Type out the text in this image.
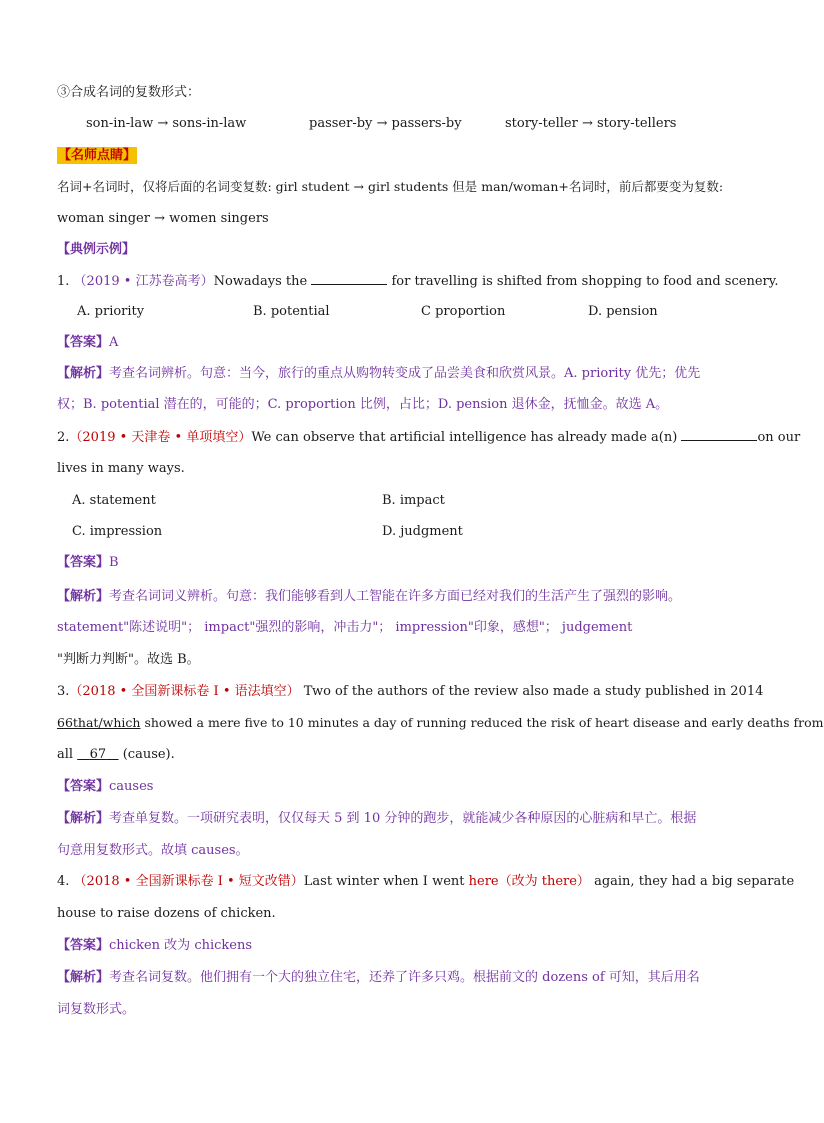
③合成名词的复数形式：
son-in-law → sons-in-law	passer-by → passers-by	story-teller → story-tellers
【名师点睛】
名词+名词时，仅将后面的名词变复数: girl student → girl students 但是 man/woman+名词时，前后都要变为复数:
woman singer → women singers
【典例示例】
1. （2019 • 江苏卷高考）Nowadays the	for travelling is shifted from shopping to food and scenery.
A. priority	B. potential	C proportion	D. pension
【答案】A
【解析】考查名词辨析。句意：当今，旅行的重点从购物转变成了品尝美食和欣赏风景。A. priority 优先；优先
权；B. potential 潜在的，可能的；C. proportion 比例，占比；D. pension 退休金，抚恤金。故选 A。
2.（2019 • 天津卷 • 单项填空）We can observe that artificial intelligence has already made a(n)	on our
lives in many ways.
A. statement	B. impact
C. impression	D. judgment
【答案】B
【解析】考查名词词义辨析。句意：我们能够看到人工智能在许多方面已经对我们的生活产生了强烈的影响。
statement"陈述说明"； impact"强烈的影响，冲击力"； impression"印象，感想"； judgement
"判断力判断"。故选 B。
3.（2018 • 全国新课标卷 I • 语法填空） Two of the authors of the review also made a study published in 2014
66that/which showed a mere five to 10 minutes a day of running reduced the risk of heart disease and early deaths from
all 67 (cause).
【答案】causes
【解析】考查单复数。一项研究表明，仅仅每天 5 到 10 分钟的跑步，就能减少各种原因的心脏病和早亡。根据
句意用复数形式。故填 causes。
4. （2018 • 全国新课标卷 I • 短文改错）Last winter when I went here（改为 there） again, they had a big separate
house to raise dozens of chicken.
【答案】chicken 改为 chickens
【解析】考查名词复数。他们拥有一个大的独立住宅，还养了许多只鸡。根据前文的 dozens of 可知，其后用名
词复数形式。
